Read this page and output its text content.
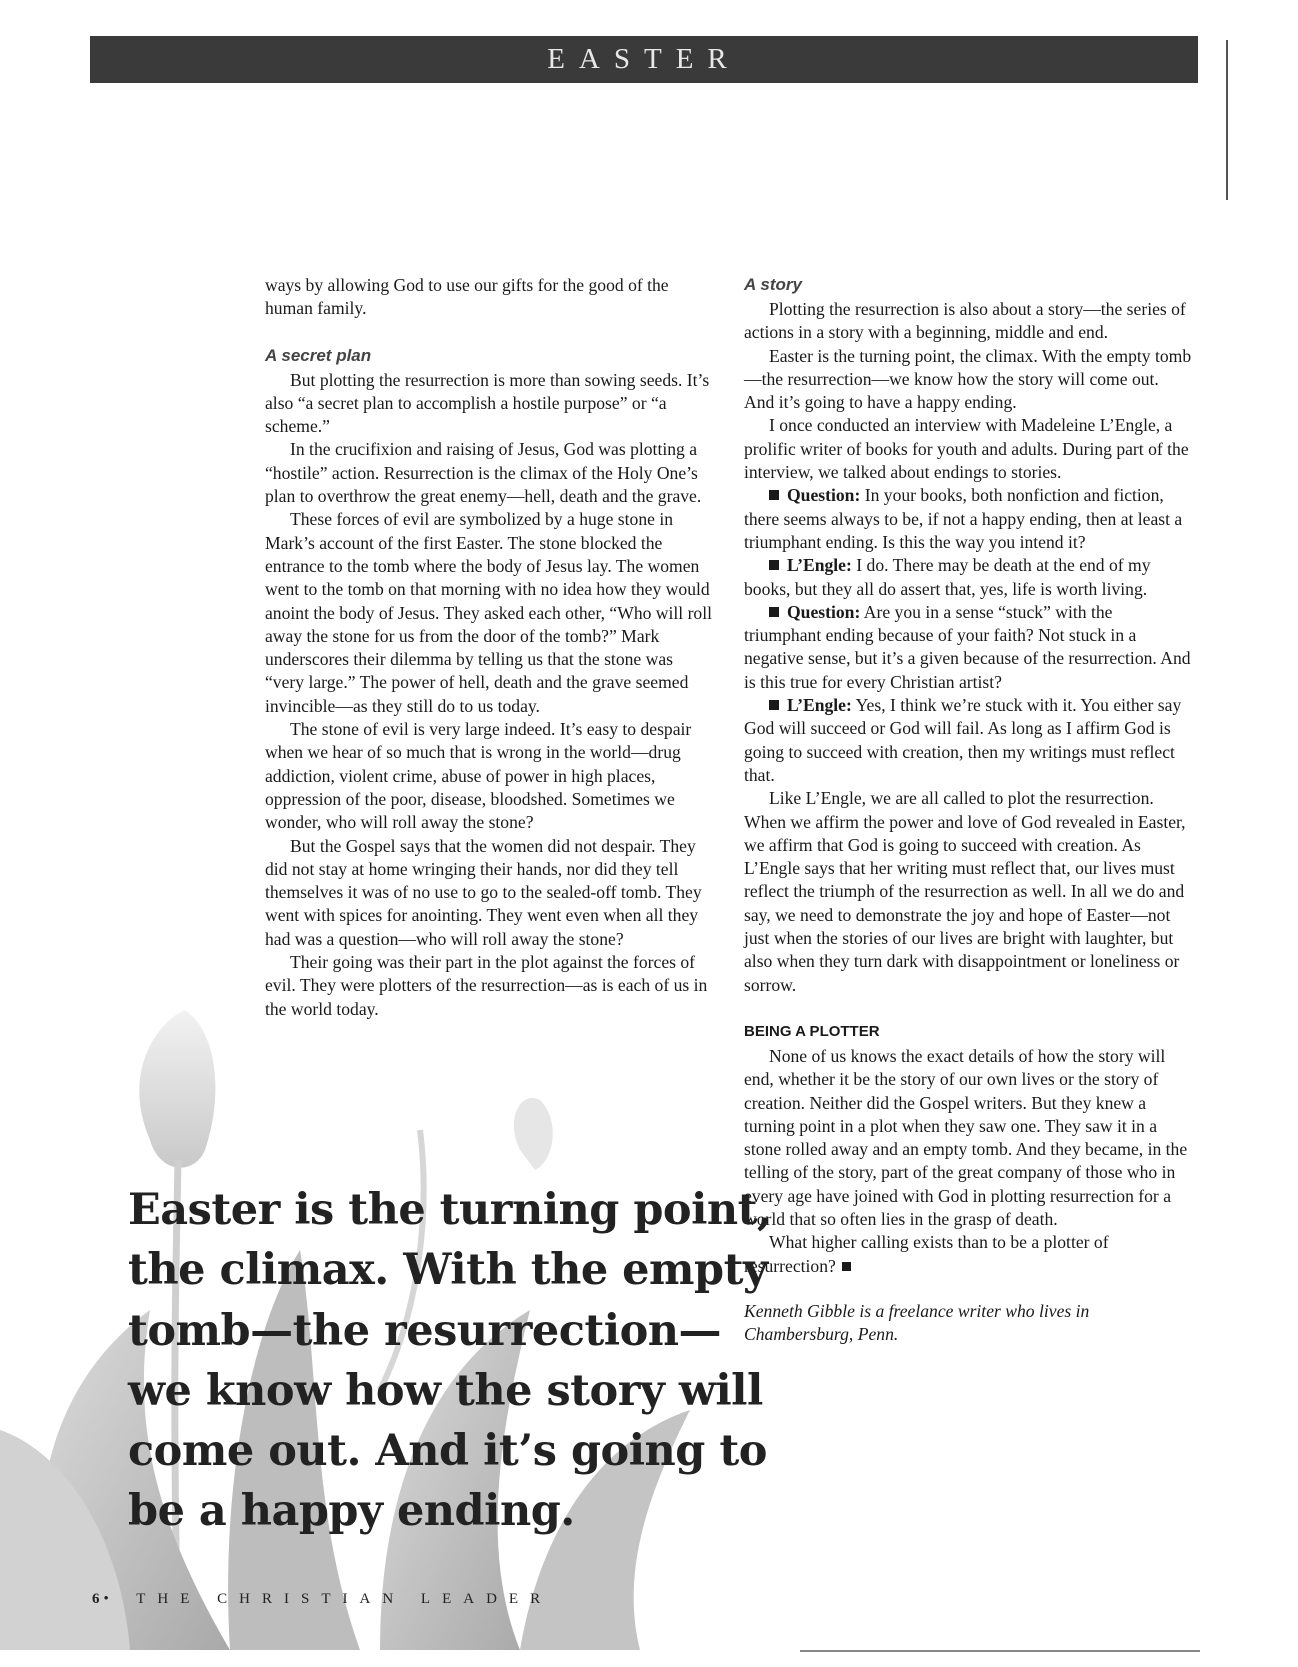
EASTER

ways by allowing God to use our gifts for the good of the human family.

A secret plan

But plotting the resurrection is more than sowing seeds. It’s also “a secret plan to accomplish a hostile purpose” or “a scheme.”

In the crucifixion and raising of Jesus, God was plotting a “hostile” action. Resurrection is the climax of the Holy One’s plan to overthrow the great enemy—hell, death and the grave.

These forces of evil are symbolized by a huge stone in Mark’s account of the first Easter. The stone blocked the entrance to the tomb where the body of Jesus lay. The women went to the tomb on that morning with no idea how they would anoint the body of Jesus. They asked each other, “Who will roll away the stone for us from the door of the tomb?” Mark underscores their dilemma by telling us that the stone was “very large.” The power of hell, death and the grave seemed invincible—as they still do to us today.

The stone of evil is very large indeed. It’s easy to despair when we hear of so much that is wrong in the world—drug addiction, violent crime, abuse of power in high places, oppression of the poor, disease, bloodshed. Sometimes we wonder, who will roll away the stone?

But the Gospel says that the women did not despair. They did not stay at home wringing their hands, nor did they tell themselves it was of no use to go to the sealed-off tomb. They went with spices for anointing. They went even when all they had was a question—who will roll away the stone?

Their going was their part in the plot against the forces of evil. They were plotters of the resurrection—as is each of us in the world today.

A story

Plotting the resurrection is also about a story—the series of actions in a story with a beginning, middle and end.

Easter is the turning point, the climax. With the empty tomb—the resurrection—we know how the story will come out. And it’s going to have a happy ending.

I once conducted an interview with Madeleine L’Engle, a prolific writer of books for youth and adults. During part of the interview, we talked about endings to stories.

Question: In your books, both nonfiction and fiction, there seems always to be, if not a happy ending, then at least a triumphant ending. Is this the way you intend it?

L’Engle: I do. There may be death at the end of my books, but they all do assert that, yes, life is worth living.

Question: Are you in a sense “stuck” with the triumphant ending because of your faith? Not stuck in a negative sense, but it’s a given because of the resurrection. And is this true for every Christian artist?

L’Engle: Yes, I think we’re stuck with it. You either say God will succeed or God will fail. As long as I affirm God is going to succeed with creation, then my writings must reflect that.

Like L’Engle, we are all called to plot the resurrection. When we affirm the power and love of God revealed in Easter, we affirm that God is going to succeed with creation. As L’Engle says that her writing must reflect that, our lives must reflect the triumph of the resurrection as well. In all we do and say, we need to demonstrate the joy and hope of Easter—not just when the stories of our lives are bright with laughter, but also when they turn dark with disappointment or loneliness or sorrow.

BEING A PLOTTER

None of us knows the exact details of how the story will end, whether it be the story of our own lives or the story of creation. Neither did the Gospel writers. But they knew a turning point in a plot when they saw one. They saw it in a stone rolled away and an empty tomb. And they became, in the telling of the story, part of the great company of those who in every age have joined with God in plotting resurrection for a world that so often lies in the grasp of death.

What higher calling exists than to be a plotter of resurrection?

Kenneth Gibble is a freelance writer who lives in Chambersburg, Penn.

Easter is the turning point,
the climax. With the empty
tomb—the resurrection—
we know how the story will
come out. And it’s going to
be a happy ending.
6• THE CHRISTIAN LEADER
